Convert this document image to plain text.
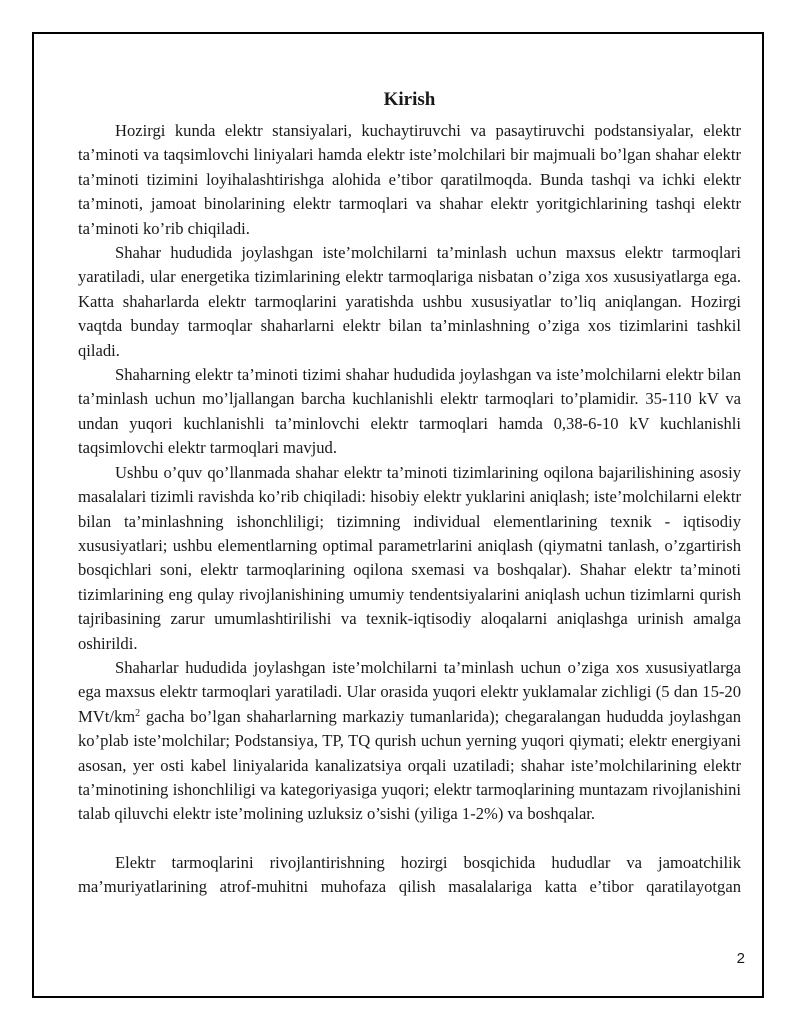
Kirish

Hozirgi kunda elektr stansiyalari, kuchaytiruvchi va pasaytiruvchi podstansiyalar, elektr ta’minoti va taqsimlovchi liniyalari hamda elektr iste’molchilari bir majmuali bo’lgan shahar elektr ta’minoti tizimini loyihalashtirishga alohida e’tibor qaratilmoqda. Bunda tashqi va ichki elektr ta’minoti, jamoat binolarining elektr tarmoqlari va shahar elektr yoritgichlarining tashqi elektr ta’minoti ko’rib chiqiladi.

Shahar hududida joylashgan iste’molchilarni ta’minlash uchun maxsus elektr tarmoqlari yaratiladi, ular energetika tizimlarining elektr tarmoqlariga nisbatan o’ziga xos xususiyatlarga ega. Katta shaharlarda elektr tarmoqlarini yaratishda ushbu xususiyatlar to’liq aniqlangan. Hozirgi vaqtda bunday tarmoqlar shaharlarni elektr bilan ta’minlashning o’ziga xos tizimlarini tashkil qiladi.

Shaharning elektr ta’minoti tizimi shahar hududida joylashgan va iste’molchilarni elektr bilan ta’minlash uchun mo’ljallangan barcha kuchlanishli elektr tarmoqlari to’plamidir. 35-110 kV va undan yuqori kuchlanishli ta’minlovchi elektr tarmoqlari hamda 0,38-6-10 kV kuchlanishli taqsimlovchi elektr tarmoqlari mavjud.

Ushbu o’quv qo’llanmada shahar elektr ta’minoti tizimlarining oqilona bajarilishining asosiy masalalari tizimli ravishda ko’rib chiqiladi: hisobiy elektr yuklarini aniqlash; iste’molchilarni elektr bilan ta’minlashning ishonchliligi; tizimning individual elementlarining texnik - iqtisodiy xususiyatlari; ushbu elementlarning optimal parametrlarini aniqlash (qiymatni tanlash, o’zgartirish bosqichlari soni, elektr tarmoqlarining oqilona sxemasi va boshqalar). Shahar elektr ta’minoti tizimlarining eng qulay rivojlanishining umumiy tendentsiyalarini aniqlash uchun tizimlarni qurish tajribasining zarur umumlashtirilishi va texnik-iqtisodiy aloqalarni aniqlashga urinish amalga oshirildi.

Shaharlar hududida joylashgan iste’molchilarni ta’minlash uchun o’ziga xos xususiyatlarga ega maxsus elektr tarmoqlari yaratiladi. Ular orasida yuqori elektr yuklamalar zichligi (5 dan 15-20 MVt/$km^2$ gacha bo’lgan shaharlarning markaziy tumanlarida); chegaralangan hududda joylashgan ko’plab iste’molchilar; Podstansiya, TP, TQ qurish uchun yerning yuqori qiymati; elektr energiyani asosan, yer osti kabel liniyalarida kanalizatsiya orqali uzatiladi; shahar iste’molchilarining elektr ta’minotining ishonchliligi va kategoriyasiga yuqori; elektr tarmoqlarining muntazam rivojlanishini talab qiluvchi elektr iste’molining uzluksiz o’sishi (yiliga 1-2%) va boshqalar.

Elektr tarmoqlarini rivojlantirishning hozirgi bosqichida hududlar va jamoatchilik ma’muriyatlarining atrof-muhitni muhofaza qilish masalalariga katta e’tibor qaratilayotgan

2
